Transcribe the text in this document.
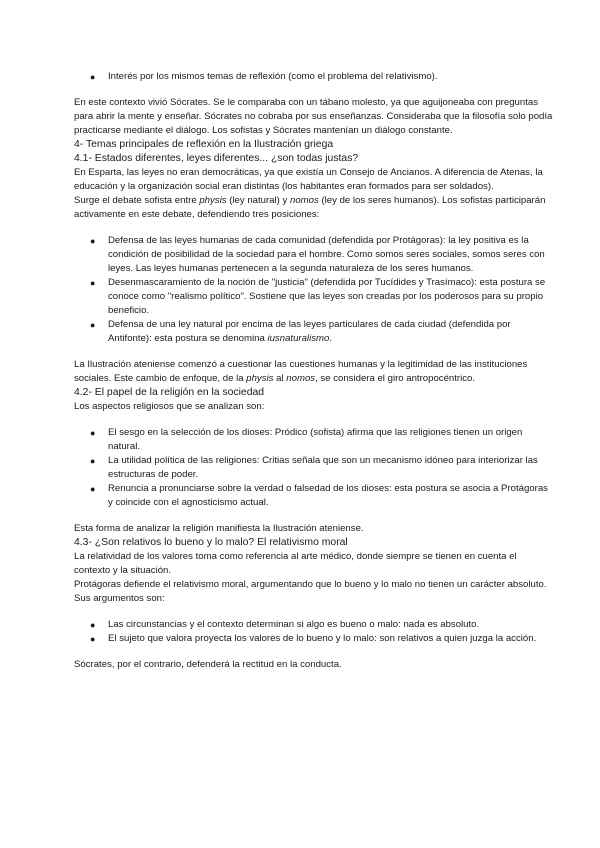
● Interés por los mismos temas de reflexión (como el problema del relativismo).

En este contexto vivió Sócrates. Se le comparaba con un tábano molesto, ya que aguijoneaba con preguntas para abrir la mente y enseñar. Sócrates no cobraba por sus enseñanzas. Consideraba que la filosofía solo podía practicarse mediante el diálogo. Los sofistas y Sócrates mantenían un diálogo constante.

4- Temas principales de reflexión en la Ilustración griega

4.1- Estados diferentes, leyes diferentes... ¿son todas justas?

En Esparta, las leyes no eran democráticas, ya que existía un Consejo de Ancianos. A diferencia de Atenas, la educación y la organización social eran distintas (los habitantes eran formados para ser soldados).

Surge el debate sofista entre physis (ley natural) y nomos (ley de los seres humanos). Los sofistas participarán activamente en este debate, defendiendo tres posiciones:

● Defensa de las leyes humanas de cada comunidad (defendida por Protágoras): la ley positiva es la condición de posibilidad de la sociedad para el hombre. Como somos seres sociales, somos seres con leyes. Las leyes humanas pertenecen a la segunda naturaleza de los seres humanos.
● Desenmascaramiento de la noción de "justicia" (defendida por Tucídides y Trasímaco): esta postura se conoce como "realismo político". Sostiene que las leyes son creadas por los poderosos para su propio beneficio.
● Defensa de una ley natural por encima de las leyes particulares de cada ciudad (defendida por Antifonte): esta postura se denomina iusnaturalismo.

La Ilustración ateniense comenzó a cuestionar las cuestiones humanas y la legitimidad de las instituciones sociales. Este cambio de enfoque, de la physis al nomos, se considera el giro antropocéntrico.

4.2- El papel de la religión en la sociedad

Los aspectos religiosos que se analizan son:

● El sesgo en la selección de los dioses: Pródico (sofista) afirma que las religiones tienen un origen natural.
● La utilidad política de las religiones: Critias señala que son un mecanismo idóneo para interiorizar las estructuras de poder.
● Renuncia a pronunciarse sobre la verdad o falsedad de los dioses: esta postura se asocia a Protágoras y coincide con el agnosticismo actual.

Esta forma de analizar la religión manifiesta la Ilustración ateniense.

4.3- ¿Son relativos lo bueno y lo malo? El relativismo moral

La relatividad de los valores toma como referencia al arte médico, donde siempre se tienen en cuenta el contexto y la situación.

Protágoras defiende el relativismo moral, argumentando que lo bueno y lo malo no tienen un carácter absoluto. Sus argumentos son:

● Las circunstancias y el contexto determinan si algo es bueno o malo: nada es absoluto.
● El sujeto que valora proyecta los valores de lo bueno y lo malo: son relativos a quien juzga la acción.

Sócrates, por el contrario, defenderá la rectitud en la conducta.
